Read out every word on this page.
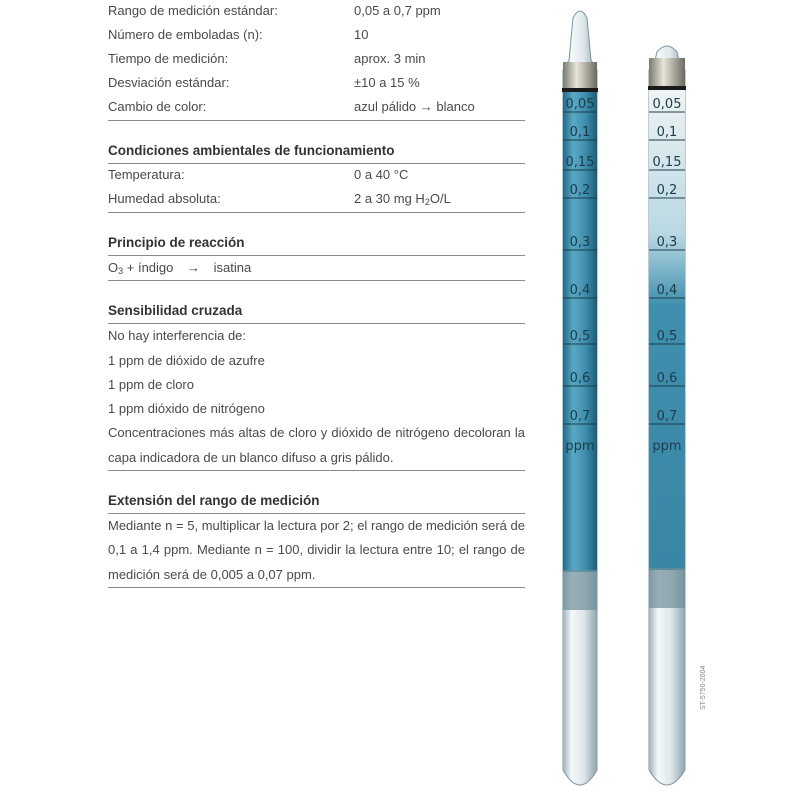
Rango de medición estándar:	0,05 a 0,7 ppm
Número de emboladas (n):	10
Tiempo de medición:	aprox. 3 min
Desviación estándar:	±10 a 15 %
Cambio de color:	azul pálido → blanco
Condiciones ambientales de funcionamiento
Temperatura:	0 a 40 °C
Humedad absoluta:	2 a 30 mg $H_2O/L$
Principio de reacción
$O_3$ + índigo → isatina
Sensibilidad cruzada
No hay interferencia de:
1 ppm de dióxido de azufre
1 ppm de cloro
1 ppm dióxido de nitrógeno

Concentraciones más altas de cloro y dióxido de nitrógeno decoloran la capa indicadora de un blanco difuso a gris pálido.

Extensión del rango de medición

Mediante n = 5, multiplicar la lectura por 2; el rango de medición será de 0,1 a 1,4 ppm. Mediante n = 100, dividir la lectura entre 10; el rango de medición será de 0,005 a 0,07 ppm.

0,05
0,1
0,15
0,2
0,3
0,4
0,5
0,6
0,7
ppm
0,05
0,1
0,15
0,2
0,3
0,4
0,5
0,6
0,7
ppm
ST-5750-2004
